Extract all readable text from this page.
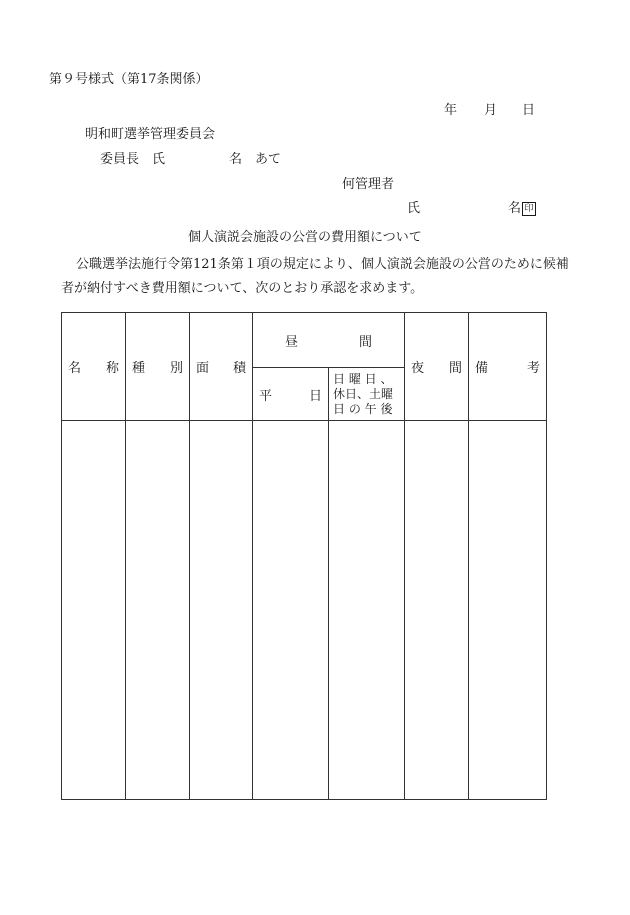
第９号様式（第17条関係）
年 月 日
明和町選挙管理委員会
委員長　氏	名　あて
何管理者
氏	名 印
個人演説会施設の公営の費用額について
公職選挙法施行令第121条第１項の規定により、個人演説会施設の公営のために候補
者が納付すべき費用額について、次のとおり承認を求めます。
名 称	種 別	面 積	昼 間		夜 間	備 考

			平 日	日 曜 日 、
休日、土曜
日 の 午 後		
